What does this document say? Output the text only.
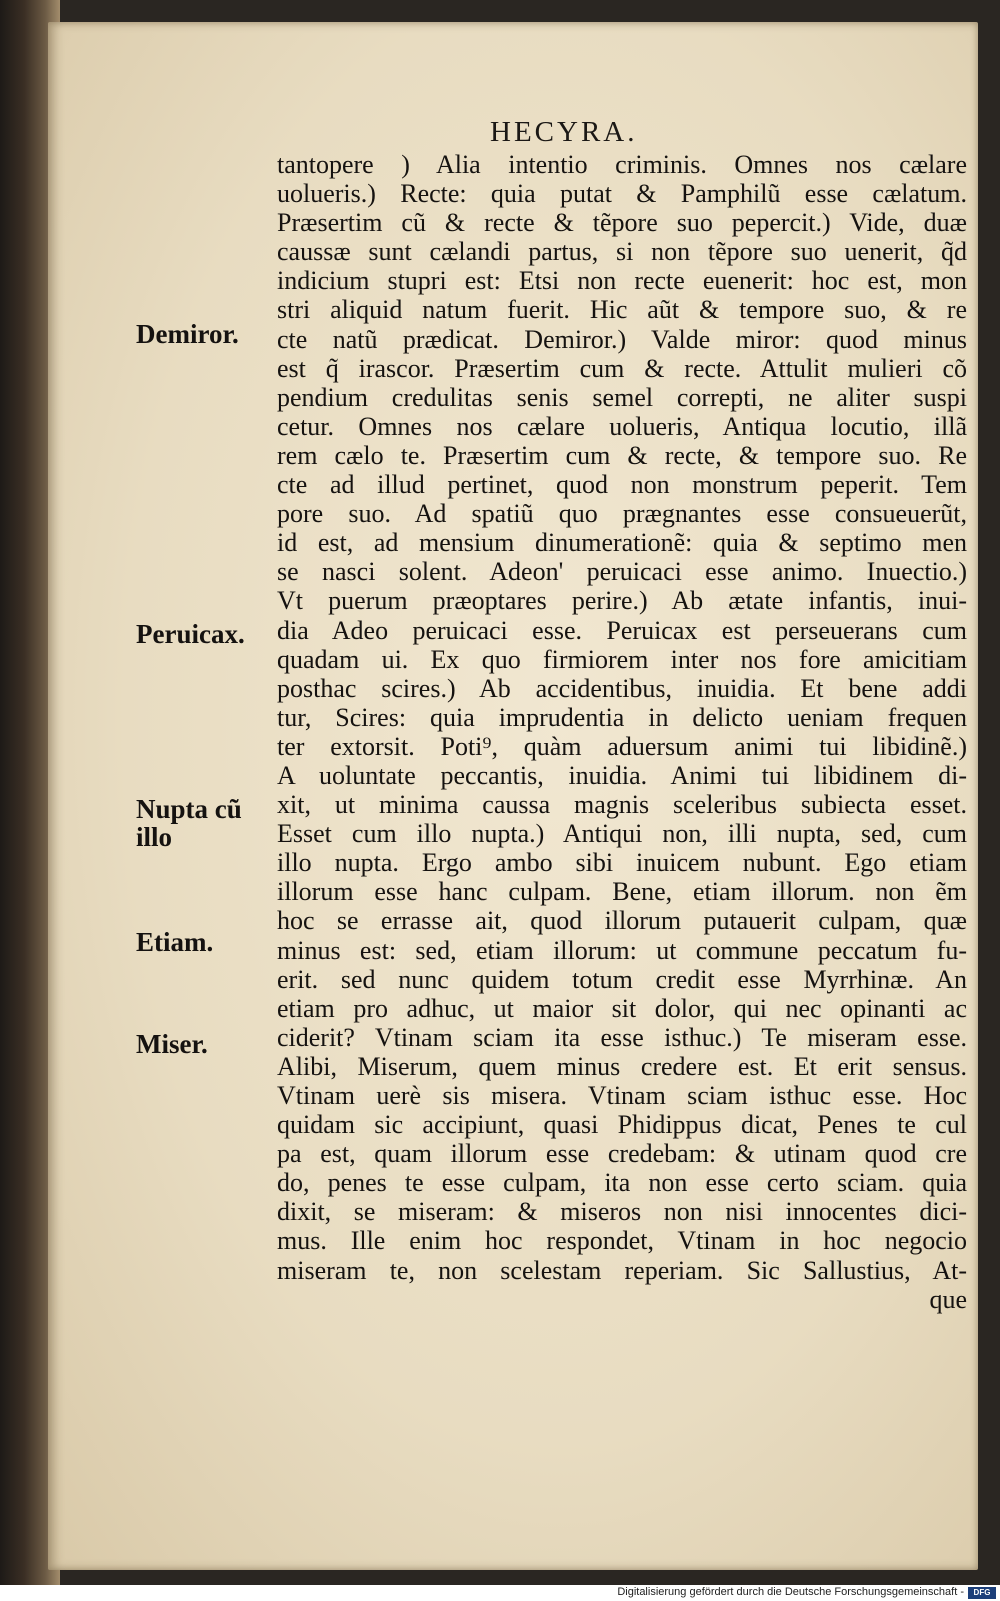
HECYRA.
Demiror.
Peruicax.
Nupta cũ illo
Etiam.
Miser.
tantopere ) Alia intentio criminis. Omnes nos cælare
uolueris.) Recte: quia putat & Pamphilũ esse cælatum.
Præsertim cũ & recte & tẽpore suo pepercit.) Vide, duæ
caussæ sunt cælandi partus, si non tẽpore suo uenerit, q̃d
indicium stupri est: Etsi non recte euenerit: hoc est, mon
stri aliquid natum fuerit. Hic aũt & tempore suo, & re
cte natũ prædicat. Demiror.) Valde miror: quod minus
est q̃ irascor. Præsertim cum & recte. Attulit mulieri cõ
pendium credulitas senis semel correpti, ne aliter suspi
cetur. Omnes nos cælare uolueris, Antiqua locutio, illã
rem cælo te. Præsertim cum & recte, & tempore suo. Re
cte ad illud pertinet, quod non monstrum peperit. Tem
pore suo. Ad spatiũ quo prægnantes esse consueuerũt,
id est, ad mensium dinumerationẽ: quia & septimo men
se nasci solent. Adeon' peruicaci esse animo. Inuectio.)
Vt puerum præoptares perire.) Ab ætate infantis, inui-
dia Adeo peruicaci esse. Peruicax est perseuerans cum
quadam ui. Ex quo firmiorem inter nos fore amicitiam
posthac scires.) Ab accidentibus, inuidia. Et bene addi
tur, Scires: quia imprudentia in delicto ueniam frequen
ter extorsit. Poti⁹, quàm aduersum animi tui libidinẽ.)
A uoluntate peccantis, inuidia. Animi tui libidinem di-
xit, ut minima caussa magnis sceleribus subiecta esset.
Esset cum illo nupta.) Antiqui non, illi nupta, sed, cum
illo nupta. Ergo ambo sibi inuicem nubunt. Ego etiam
illorum esse hanc culpam. Bene, etiam illorum. non ẽm
hoc se errasse ait, quod illorum putauerit culpam, quæ
minus est: sed, etiam illorum: ut commune peccatum fu-
erit. sed nunc quidem totum credit esse Myrrhinæ. An
etiam pro adhuc, ut maior sit dolor, qui nec opinanti ac
ciderit? Vtinam sciam ita esse isthuc.) Te miseram esse.
Alibi, Miserum, quem minus credere est. Et erit sensus.
Vtinam uerè sis misera. Vtinam sciam isthuc esse. Hoc
quidam sic accipiunt, quasi Phidippus dicat, Penes te cul
pa est, quam illorum esse credebam: & utinam quod cre
do, penes te esse culpam, ita non esse certo sciam. quia
dixit, se miseram: & miseros non nisi innocentes dici-
mus. Ille enim hoc respondet, Vtinam in hoc negocio
miseram te, non scelestam reperiam. Sic Sallustius, At-
que
Digitalisierung gefördert durch die Deutsche Forschungsgemeinschaft -	DFG
